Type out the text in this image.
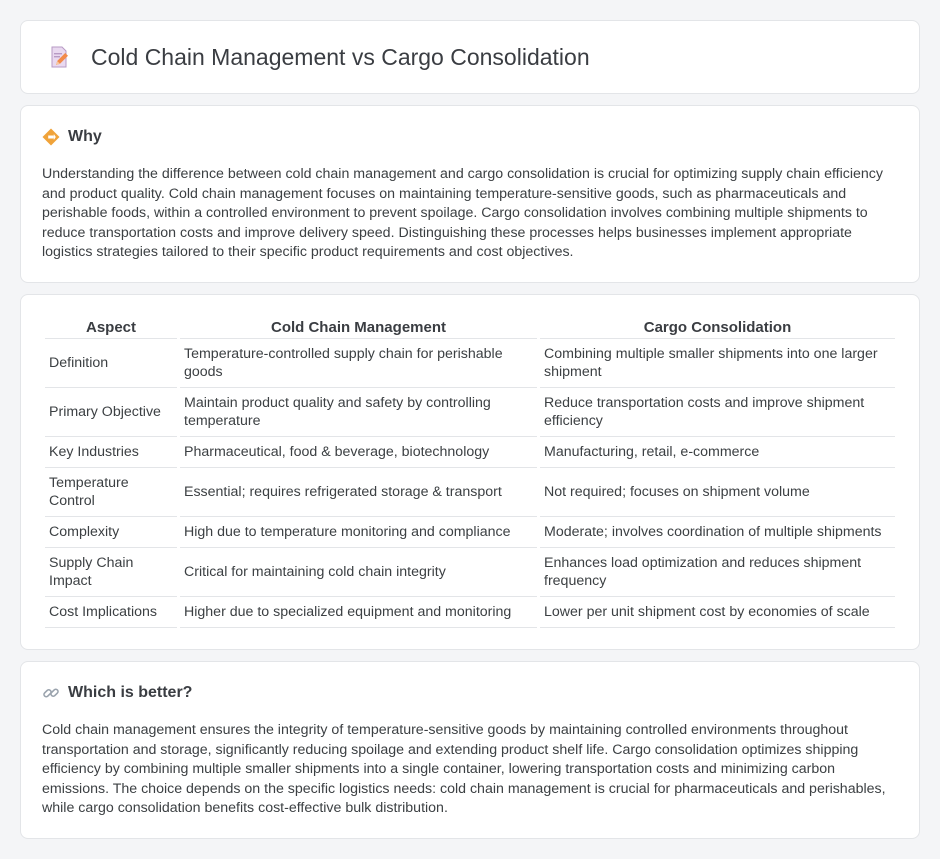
Cold Chain Management vs Cargo Consolidation
Why

Understanding the difference between cold chain management and cargo consolidation is crucial for optimizing supply chain efficiency and product quality. Cold chain management focuses on maintaining temperature-sensitive goods, such as pharmaceuticals and perishable foods, within a controlled environment to prevent spoilage. Cargo consolidation involves combining multiple shipments to reduce transportation costs and improve delivery speed. Distinguishing these processes helps businesses implement appropriate logistics strategies tailored to their specific product requirements and cost objectives.

Aspect	Cold Chain Management	Cargo Consolidation
Definition	Temperature-controlled supply chain for perishable goods	Combining multiple smaller shipments into one larger shipment
Primary Objective	Maintain product quality and safety by controlling temperature	Reduce transportation costs and improve shipment efficiency
Key Industries	Pharmaceutical, food & beverage, biotechnology	Manufacturing, retail, e-commerce
Temperature Control	Essential; requires refrigerated storage & transport	Not required; focuses on shipment volume
Complexity	High due to temperature monitoring and compliance	Moderate; involves coordination of multiple shipments
Supply Chain Impact	Critical for maintaining cold chain integrity	Enhances load optimization and reduces shipment frequency
Cost Implications	Higher due to specialized equipment and monitoring	Lower per unit shipment cost by economies of scale
Which is better?

Cold chain management ensures the integrity of temperature-sensitive goods by maintaining controlled environments throughout transportation and storage, significantly reducing spoilage and extending product shelf life. Cargo consolidation optimizes shipping efficiency by combining multiple smaller shipments into a single container, lowering transportation costs and minimizing carbon emissions. The choice depends on the specific logistics needs: cold chain management is crucial for pharmaceuticals and perishables, while cargo consolidation benefits cost-effective bulk distribution.
